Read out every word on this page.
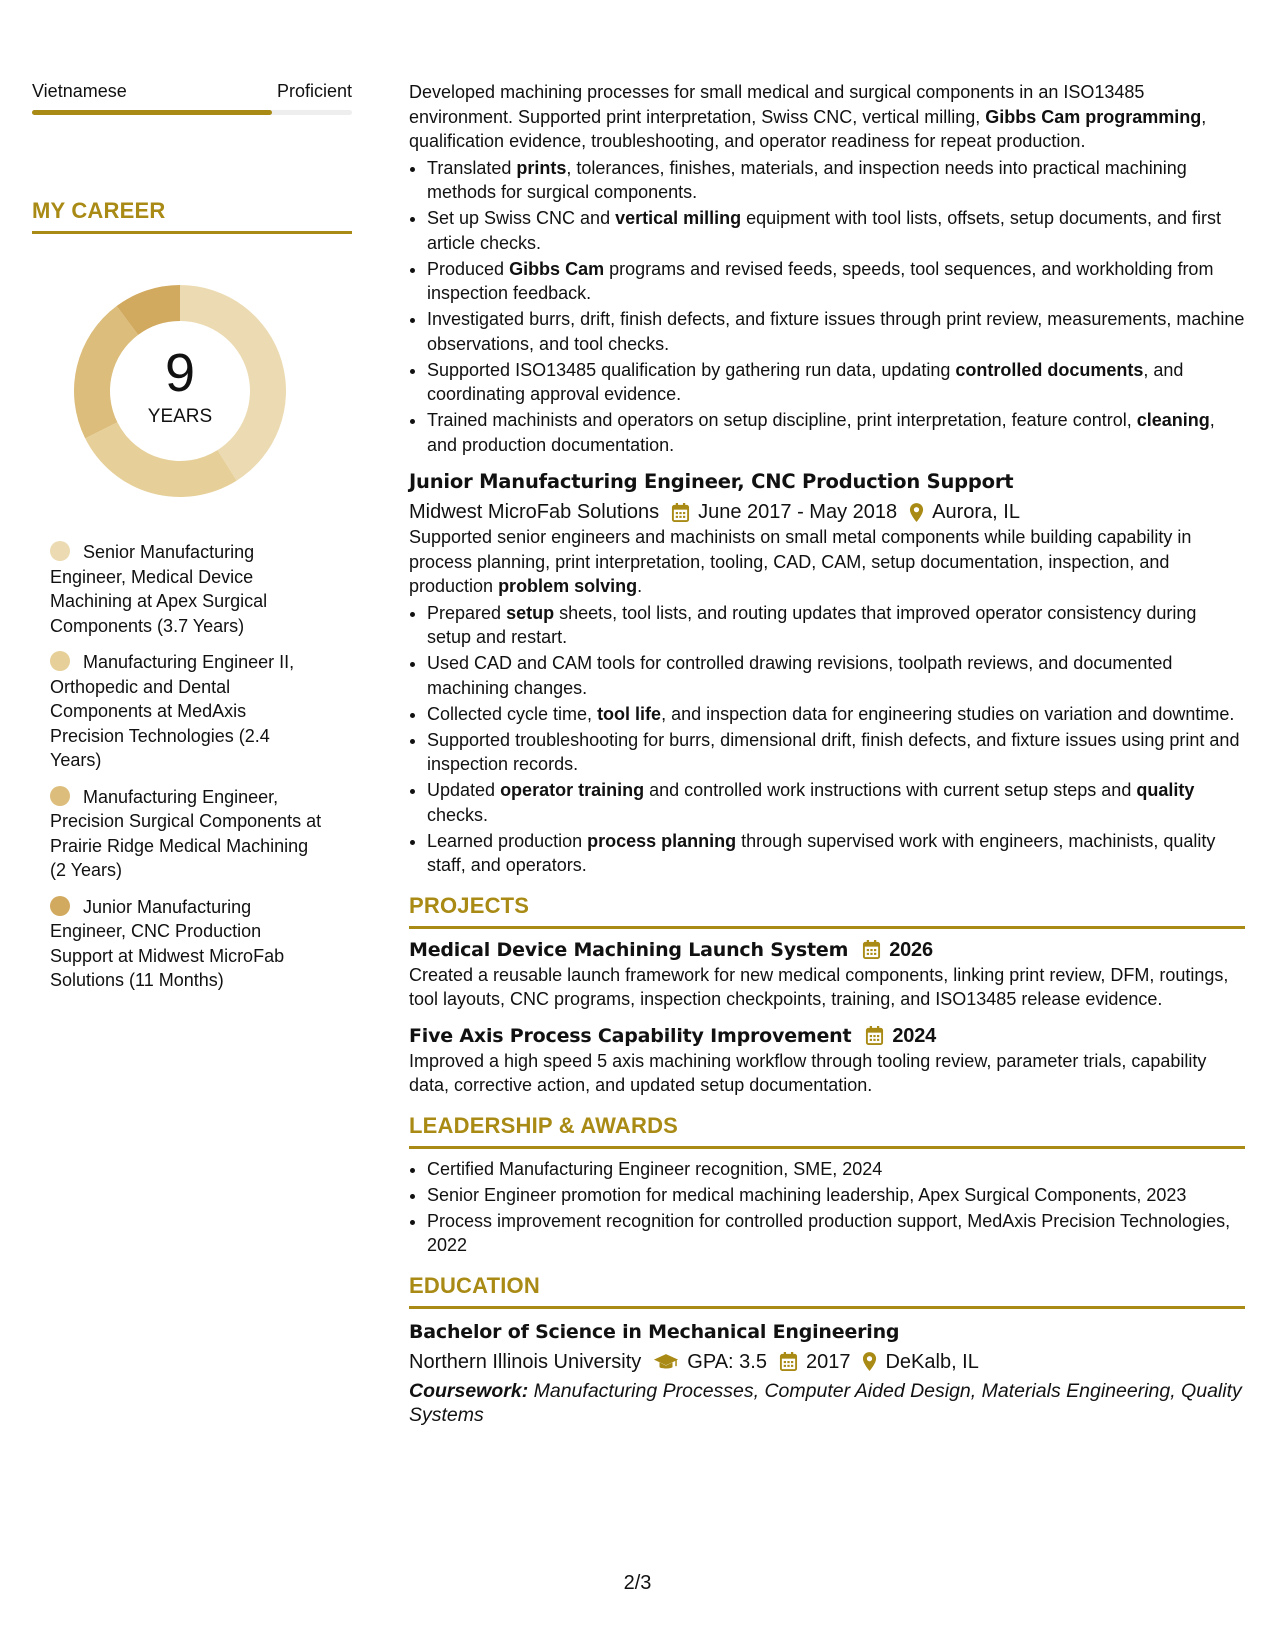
Vietnamese	Proficient
MY CAREER
9
YEARS
Senior Manufacturing Engineer, Medical Device Machining at Apex Surgical Components (3.7 Years)
Manufacturing Engineer II, Orthopedic and Dental Components at MedAxis Precision Technologies (2.4 Years)
Manufacturing Engineer, Precision Surgical Components at Prairie Ridge Medical Machining (2 Years)
Junior Manufacturing Engineer, CNC Production Support at Midwest MicroFab Solutions (11 Months)

Developed machining processes for small medical and surgical components in an ISO13485 environment. Supported print interpretation, Swiss CNC, vertical milling, Gibbs Cam programming, qualification evidence, troubleshooting, and operator readiness for repeat production.

• Translated prints, tolerances, finishes, materials, and inspection needs into practical machining methods for surgical components.
• Set up Swiss CNC and vertical milling equipment with tool lists, offsets, setup documents, and first article checks.
• Produced Gibbs Cam programs and revised feeds, speeds, tool sequences, and workholding from inspection feedback.
• Investigated burrs, drift, finish defects, and fixture issues through print review, measurements, machine observations, and tool checks.
• Supported ISO13485 qualification by gathering run data, updating controlled documents, and coordinating approval evidence.
• Trained machinists and operators on setup discipline, print interpretation, feature control, cleaning, and production documentation.
Junior Manufacturing Engineer, CNC Production Support
Midwest MicroFab Solutions June 2017 - May 2018 Aurora, IL

Supported senior engineers and machinists on small metal components while building capability in process planning, print interpretation, tooling, CAD, CAM, setup documentation, inspection, and production problem solving.

• Prepared setup sheets, tool lists, and routing updates that improved operator consistency during setup and restart.
• Used CAD and CAM tools for controlled drawing revisions, toolpath reviews, and documented machining changes.
• Collected cycle time, tool life, and inspection data for engineering studies on variation and downtime.
• Supported troubleshooting for burrs, dimensional drift, finish defects, and fixture issues using print and inspection records.
• Updated operator training and controlled work instructions with current setup steps and quality checks.
• Learned production process planning through supervised work with engineers, machinists, quality staff, and operators.
PROJECTS
Medical Device Machining Launch System 2026

Created a reusable launch framework for new medical components, linking print review, DFM, routings, tool layouts, CNC programs, inspection checkpoints, training, and ISO13485 release evidence.

Five Axis Process Capability Improvement 2024

Improved a high speed 5 axis machining workflow through tooling review, parameter trials, capability data, corrective action, and updated setup documentation.

LEADERSHIP & AWARDS
• Certified Manufacturing Engineer recognition, SME, 2024
• Senior Engineer promotion for medical machining leadership, Apex Surgical Components, 2023
• Process improvement recognition for controlled production support, MedAxis Precision Technologies, 2022
EDUCATION
Bachelor of Science in Mechanical Engineering
Northern Illinois University GPA: 3.5 2017 DeKalb, IL
Coursework: Manufacturing Processes, Computer Aided Design, Materials Engineering, Quality Systems
2/3
